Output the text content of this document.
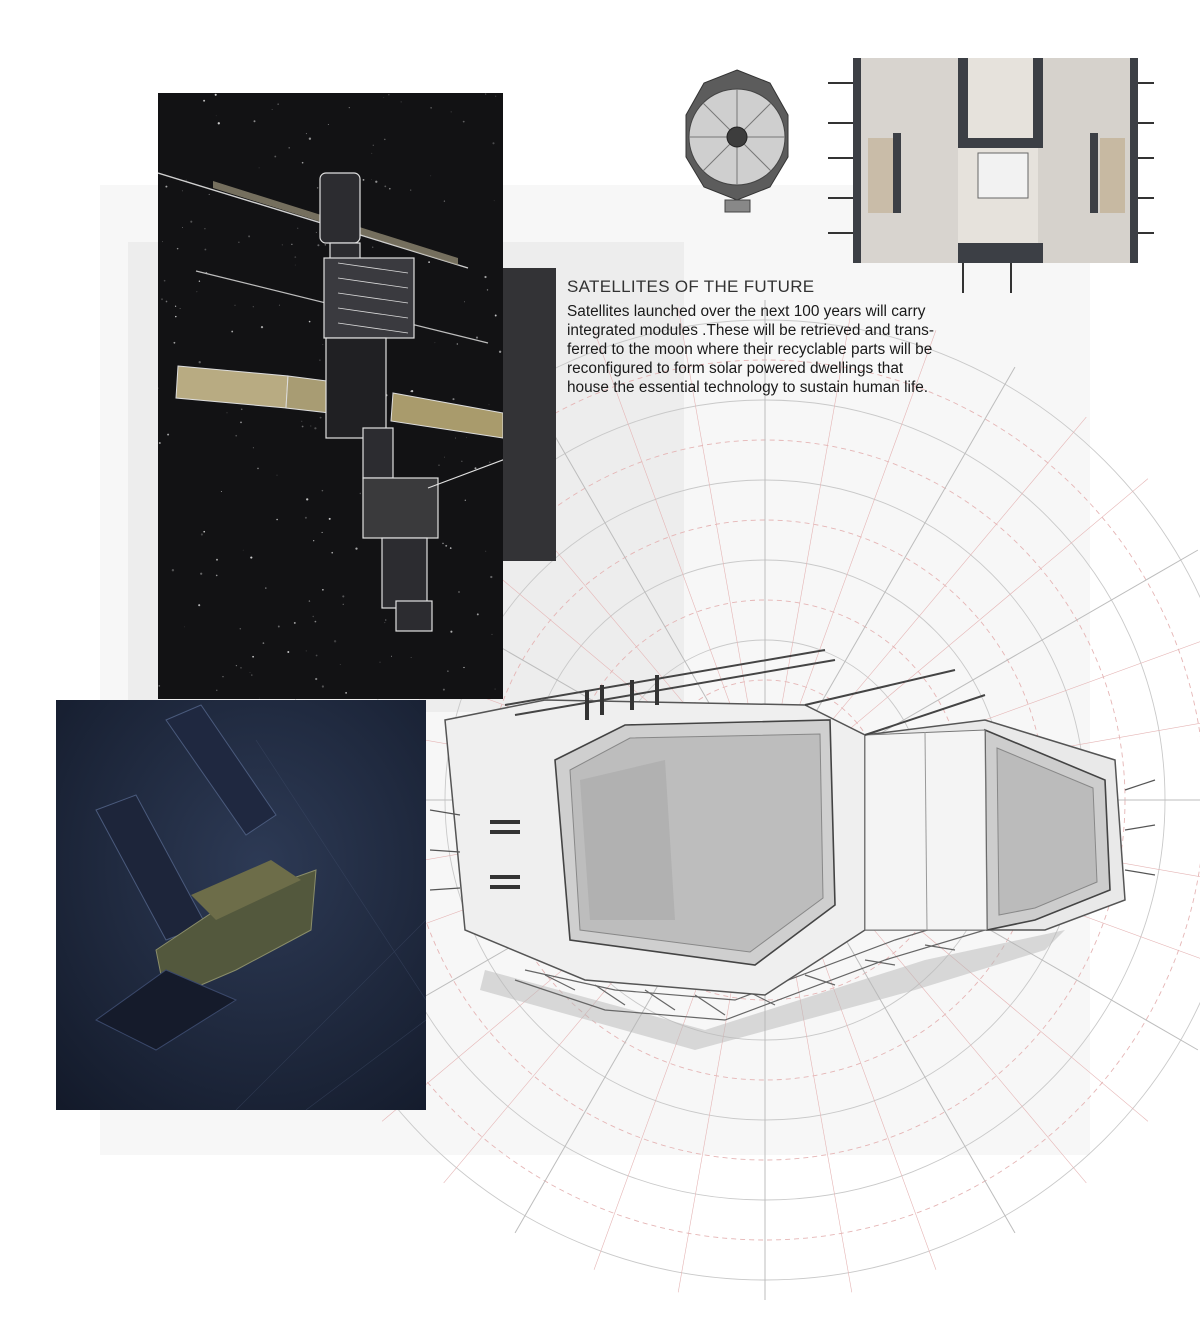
SATELLITES OF THE FUTURE

Satellites launched over the next 100 years will carry
integrated modules .These will be retrieved and trans-
ferred to the moon where their recyclable parts will be
reconfigured to form solar powered dwellings that
house the essential technology to sustain human life.
